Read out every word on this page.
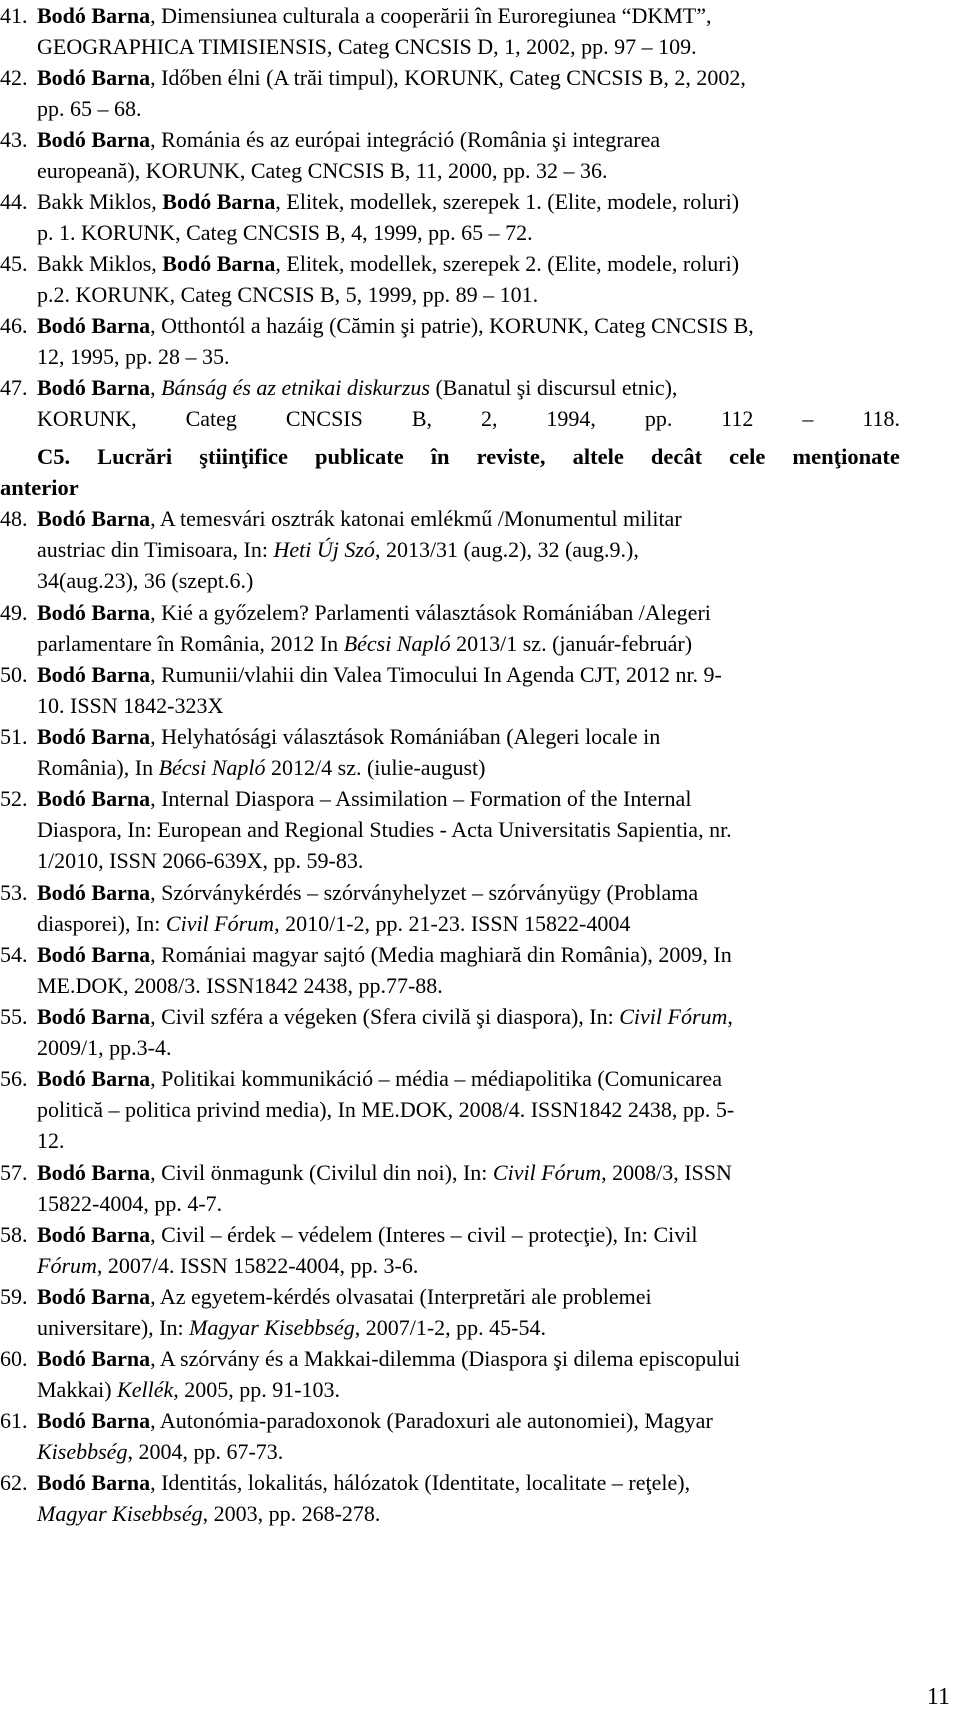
41. Bodó Barna, Dimensiunea culturala a cooperării în Euroregiunea “DKMT”,
GEOGRAPHICA TIMISIENSIS, Categ CNCSIS D, 1, 2002, pp. 97 – 109.
42. Bodó Barna, Időben élni (A trăi timpul), KORUNK, Categ CNCSIS B, 2, 2002,
pp. 65 – 68.
43. Bodó Barna, Románia és az európai integráció (România şi integrarea
europeană), KORUNK, Categ CNCSIS B, 11, 2000, pp. 32 – 36.
44. Bakk Miklos, Bodó Barna, Elitek, modellek, szerepek 1. (Elite, modele, roluri)
p. 1. KORUNK, Categ CNCSIS B, 4, 1999, pp. 65 – 72.
45. Bakk Miklos, Bodó Barna, Elitek, modellek, szerepek 2. (Elite, modele, roluri)
p.2. KORUNK, Categ CNCSIS B, 5, 1999, pp. 89 – 101.
46. Bodó Barna, Otthontól a hazáig (Cămin şi patrie), KORUNK, Categ CNCSIS B,
12, 1995, pp. 28 – 35.
47. Bodó Barna, Bánság és az etnikai diskurzus (Banatul şi discursul etnic),
KORUNK, Categ CNCSIS B, 2, 1994, pp. 112 – 118.
C5. Lucrări ştiinţifice publicate în reviste, altele decât cele menţionate
anterior
48. Bodó Barna, A temesvári osztrák katonai emlékmű /Monumentul militar
austriac din Timisoara, In: Heti Új Szó, 2013/31 (aug.2), 32 (aug.9.),
34(aug.23), 36 (szept.6.)
49. Bodó Barna, Kié a győzelem? Parlamenti választások Romániában /Alegeri
parlamentare în România, 2012 In Bécsi Napló 2013/1 sz. (január-február)
50. Bodó Barna, Rumunii/vlahii din Valea Timocului In Agenda CJT, 2012 nr. 9-
10. ISSN 1842-323X
51. Bodó Barna, Helyhatósági választások Romániában (Alegeri locale in
România), In Bécsi Napló 2012/4 sz. (iulie-august)
52. Bodó Barna, Internal Diaspora – Assimilation – Formation of the Internal
Diaspora, In: European and Regional Studies - Acta Universitatis Sapientia, nr.
1/2010, ISSN 2066-639X, pp. 59-83.
53. Bodó Barna, Szórványkérdés – szórványhelyzet – szórványügy (Problama
diasporei), In: Civil Fórum, 2010/1-2, pp. 21-23. ISSN 15822-4004
54. Bodó Barna, Romániai magyar sajtó (Media maghiară din România), 2009, In
ME.DOK, 2008/3. ISSN1842 2438, pp.77-88.
55. Bodó Barna, Civil szféra a végeken (Sfera civilă şi diaspora), In: Civil Fórum,
2009/1, pp.3-4.
56. Bodó Barna, Politikai kommunikáció – média – médiapolitika (Comunicarea
politică – politica privind media), In ME.DOK, 2008/4. ISSN1842 2438, pp. 5-
12.
57. Bodó Barna, Civil önmagunk (Civilul din noi), In: Civil Fórum, 2008/3, ISSN
15822-4004, pp. 4-7.
58. Bodó Barna, Civil – érdek – védelem (Interes – civil – protecţie), In: Civil
Fórum, 2007/4. ISSN 15822-4004, pp. 3-6.
59. Bodó Barna, Az egyetem-kérdés olvasatai (Interpretări ale problemei
universitare), In: Magyar Kisebbség, 2007/1-2, pp. 45-54.
60. Bodó Barna, A szórvány és a Makkai-dilemma (Diaspora şi dilema episcopului
Makkai) Kellék, 2005, pp. 91-103.
61. Bodó Barna, Autonómia-paradoxonok (Paradoxuri ale autonomiei), Magyar
Kisebbség, 2004, pp. 67-73.
62. Bodó Barna, Identitás, lokalitás, hálózatok (Identitate, localitate – reţele),
Magyar Kisebbség, 2003, pp. 268-278.
11
